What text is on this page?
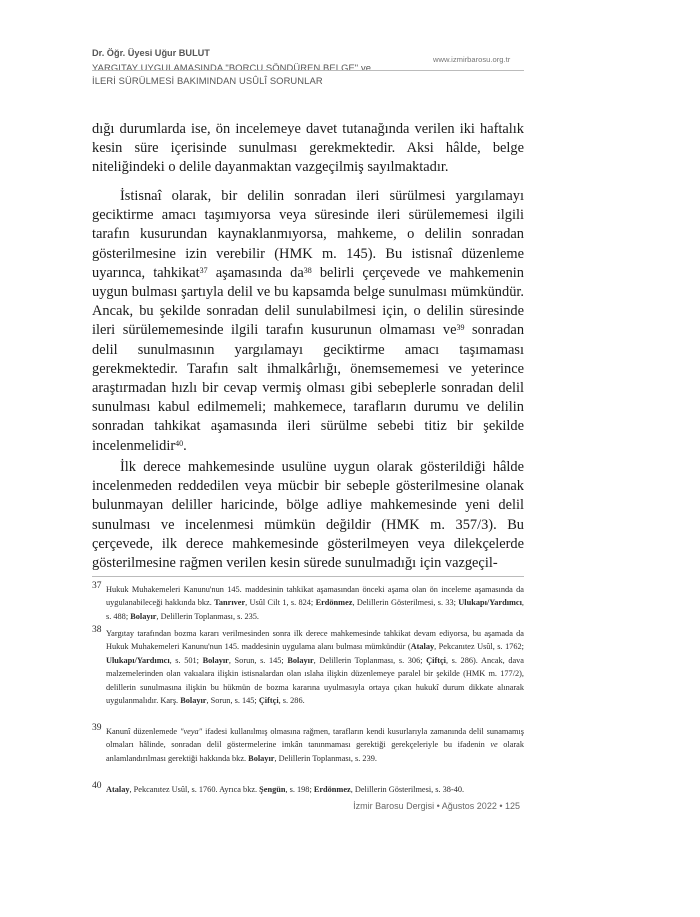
Dr. Öğr. Üyesi Uğur BULUT
YARGITAY UYGULAMASINDA "BORCU SÖNDÜREN BELGE" ve
İLERİ SÜRÜLMESİ BAKIMINDAN USÛLÎ SORUNLAR
www.izmirbarosu.org.tr

dığı durumlarda ise, ön incelemeye davet tutanağında verilen iki haftalık kesin süre içerisinde sunulması gerekmektedir. Aksi hâlde, belge niteliğindeki o delile dayanmaktan vazgeçilmiş sayılmaktadır.

İstisnaî olarak, bir delilin sonradan ileri sürülmesi yargılamayı geciktirme amacı taşımıyorsa veya süresinde ileri sürülememesi ilgili tarafın kusurundan kaynaklanmıyorsa, mahkeme, o delilin sonradan gösterilmesine izin verebilir (HMK m. 145). Bu istisnaî düzenleme uyarınca, tahkikat$^{37}$ aşamasında $da^{38}$ belirli çerçevede ve mahkemenin uygun bulması şartıyla delil ve bu kapsamda belge sunulması mümkündür. Ancak, bu şekilde sonradan delil sunulabilmesi için, o delilin süresinde ileri sürülememesinde ilgili tarafın kusurunun olmaması $ve^{39}$ sonradan delil sunulmasının yargılamayı geciktirme amacı taşımaması gerekmektedir. Tarafın salt ihmalkârlığı, önemsememesi ve yeterince araştırmadan hızlı bir cevap vermiş olması gibi sebeplerle sonradan delil sunulması kabul edilmemeli; mahkemece, tarafların durumu ve delilin sonradan tahkikat aşamasında ileri sürülme sebebi titiz bir şekilde incelenmelidir$^{40}$.

İlk derece mahkemesinde usulüne uygun olarak gösterildiği hâlde incelenmeden reddedilen veya mücbir bir sebeple gösterilmesine olanak bulunmayan deliller haricinde, bölge adliye mahkemesinde yeni delil sunulması ve incelenmesi mümkün değildir (HMK m. 357/3). Bu çerçevede, ilk derece mahkemesinde gösterilmeyen veya dilekçelerde gösterilmesine rağmen verilen kesin sürede sunulmadığı için vazgeçil-

37 Hukuk Muhakemeleri Kanunu'nun 145. maddesinin tahkikat aşamasından önceki aşama olan ön inceleme aşamasında da uygulanabileceği hakkında bkz. Tanrıver, Usûl Cilt 1, s. 824; Erdönmez, Delillerin Gösterilmesi, s. 33; Ulukapı/Yardımcı, s. 488; Bolayır, Delillerin Toplanması, s. 235.

38 Yargıtay tarafından bozma kararı verilmesinden sonra ilk derece mahkemesinde tahkikat devam ediyorsa, bu aşamada da Hukuk Muhakemeleri Kanunu'nun 145. maddesinin uygulama alanı bulması mümkündür (Atalay, Pekcanıtez Usûl, s. 1762; Ulukapı/Yardımcı, s. 501; Bolayır, Sorun, s. 145; Bolayır, Delillerin Toplanması, s. 306; Çiftçi, s. 286). Ancak, dava malzemelerinden olan vakıalara ilişkin istisnalardan olan ıslaha ilişkin düzenlemeye paralel bir şekilde (HMK m. 177/2), delillerin sunulmasına ilişkin bu hükmün de bozma kararına uyulmasıyla ortaya çıkan hukukî durum dikkate alınarak uygulanmalıdır. Karş. Bolayır, Sorun, s. 145; Çiftçi, s. 286.

39 Kanunî düzenlemede "veya" ifadesi kullanılmış olmasına rağmen, tarafların kendi kusurlarıyla zamanında delil sunamamış olmaları hâlinde, sonradan delil göstermelerine imkân tanınmaması gerektiği gerekçeleriyle bu ifadenin ve olarak anlamlandırılması gerektiği hakkında bkz. Bolayır, Delillerin Toplanması, s. 239.

40 Atalay, Pekcanıtez Usûl, s. 1760. Ayrıca bkz. Şengün, s. 198; Erdönmez, Delillerin Gösterilmesi, s. 38-40.

İzmir Barosu Dergisi • Ağustos 2022 • 125
